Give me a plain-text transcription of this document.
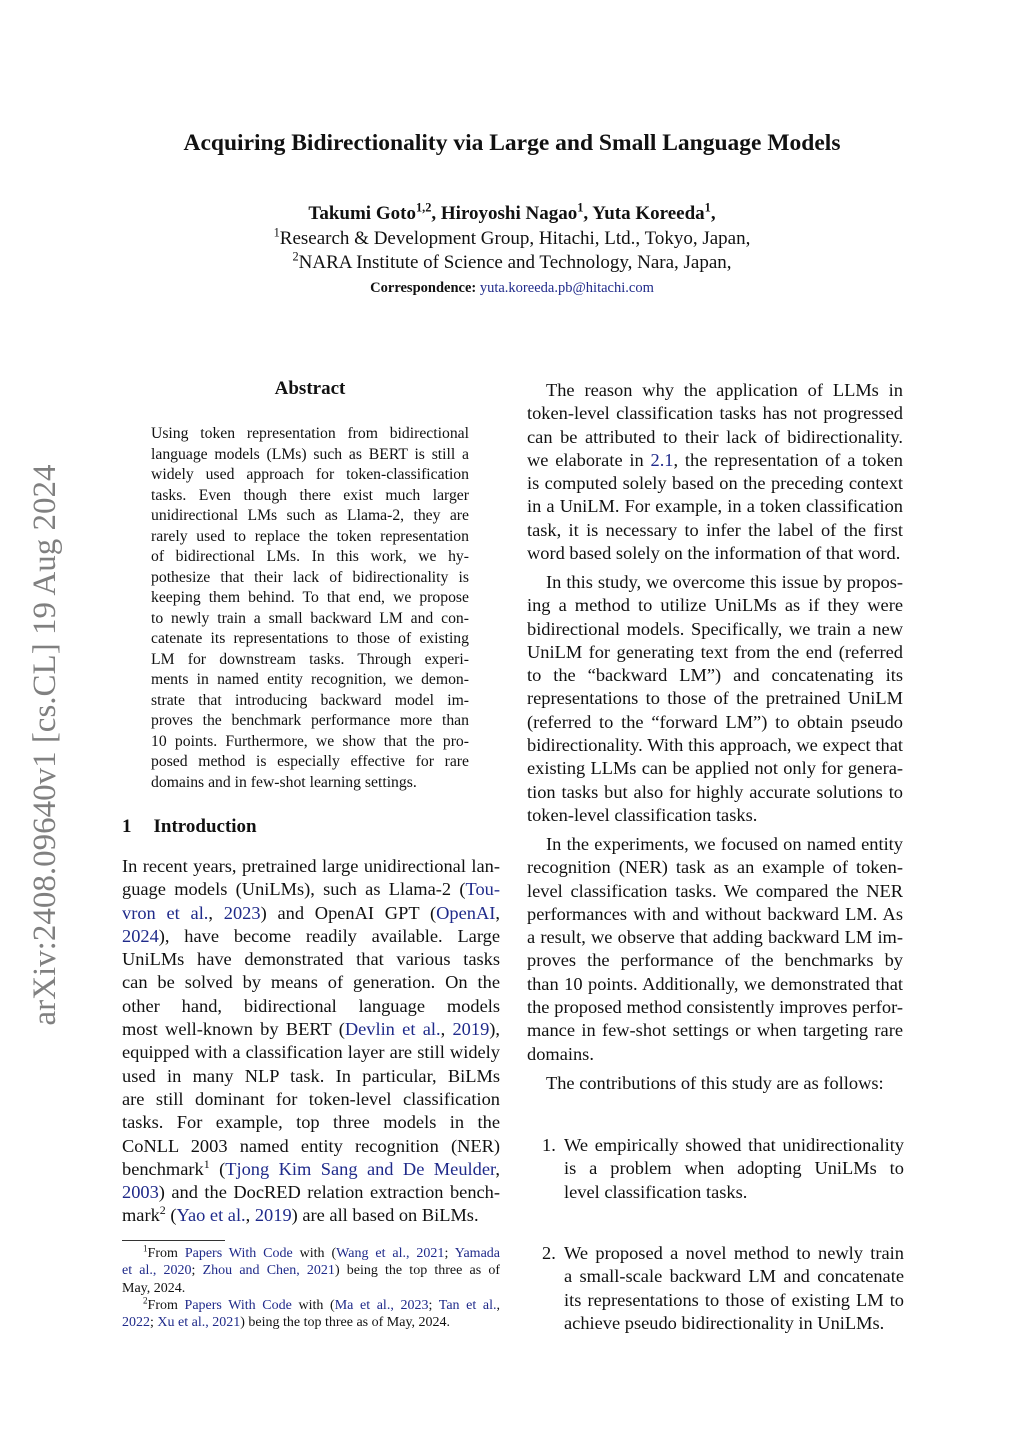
arXiv:2408.09640v1 [cs.CL] 19 Aug 2024
Acquiring Bidirectionality via Large and Small Language Models
Takumi Goto$^{1,2}$, Hiroyoshi Nagao$^1$, Yuta Koreeda$^1$,
$^1$Research & Development Group, Hitachi, Ltd., Tokyo, Japan,
$^2$NARA Institute of Science and Technology, Nara, Japan,
Correspondence: yuta.koreeda.pb@hitachi.com
Abstract
Using token representation from bidirectional
language models (LMs) such as BERT is still a
widely used approach for token-classification
tasks. Even though there exist much larger
unidirectional LMs such as Llama-2, they are
rarely used to replace the token representation
of bidirectional LMs. In this work, we hy-
pothesize that their lack of bidirectionality is
keeping them behind. To that end, we propose
to newly train a small backward LM and con-
catenate its representations to those of existing
LM for downstream tasks. Through experi-
ments in named entity recognition, we demon-
strate that introducing backward model im-
proves the benchmark performance more than
10 points. Furthermore, we show that the pro-
posed method is especially effective for rare
domains and in few-shot learning settings.
1 Introduction
In recent years, pretrained large unidirectional lan-
guage models (UniLMs), such as Llama-2 (Tou-
vron et al., 2023) and OpenAI GPT (OpenAI,
2024), have become readily available. Large
UniLMs have demonstrated that various tasks
can be solved by means of generation. On the
other hand, bidirectional language models
most well-known by BERT (Devlin et al., 2019),
equipped with a classification layer are still widely
used in many NLP task. In particular, BiLMs
are still dominant for token-level classification
tasks. For example, top three models in the
CoNLL 2003 named entity recognition (NER)
benchmark$^1$ (Tjong Kim Sang and De Meulder,
2003) and the DocRED relation extraction bench-
mark$^2$ (Yao et al., 2019) are all based on BiLMs.
The reason why the application of LLMs in
token-level classification tasks has not progressed
can be attributed to their lack of bidirectionality.
we elaborate in 2.1, the representation of a token
is computed solely based on the preceding context
in a UniLM. For example, in a token classification
task, it is necessary to infer the label of the first
word based solely on the information of that word.
In this study, we overcome this issue by propos-
ing a method to utilize UniLMs as if they were
bidirectional models. Specifically, we train a new
UniLM for generating text from the end (referred
to the “backward LM”) and concatenating its
representations to those of the pretrained UniLM
(referred to the “forward LM”) to obtain pseudo
bidirectionality. With this approach, we expect that
existing LLMs can be applied not only for genera-
tion tasks but also for highly accurate solutions to
token-level classification tasks.
In the experiments, we focused on named entity
recognition (NER) task as an example of token-
level classification tasks. We compared the NER
performances with and without backward LM. As
a result, we observe that adding backward LM im-
proves the performance of the benchmarks by
than 10 points. Additionally, we demonstrated that
the proposed method consistently improves perfor-
mance in few-shot settings or when targeting rare
domains.
The contributions of this study are as follows:
1. We empirically showed that unidirectionality
is a problem when adopting UniLMs to
level classification tasks.
2. We proposed a novel method to newly train
a small-scale backward LM and concatenate
its representations to those of existing LM to
achieve pseudo bidirectionality in UniLMs.
$^1$From Papers With Code with (Wang et al., 2021; Yamada
et al., 2020; Zhou and Chen, 2021) being the top three as of
May, 2024.
$^2$From Papers With Code with (Ma et al., 2023; Tan et al.,
2022; Xu et al., 2021) being the top three as of May, 2024.
